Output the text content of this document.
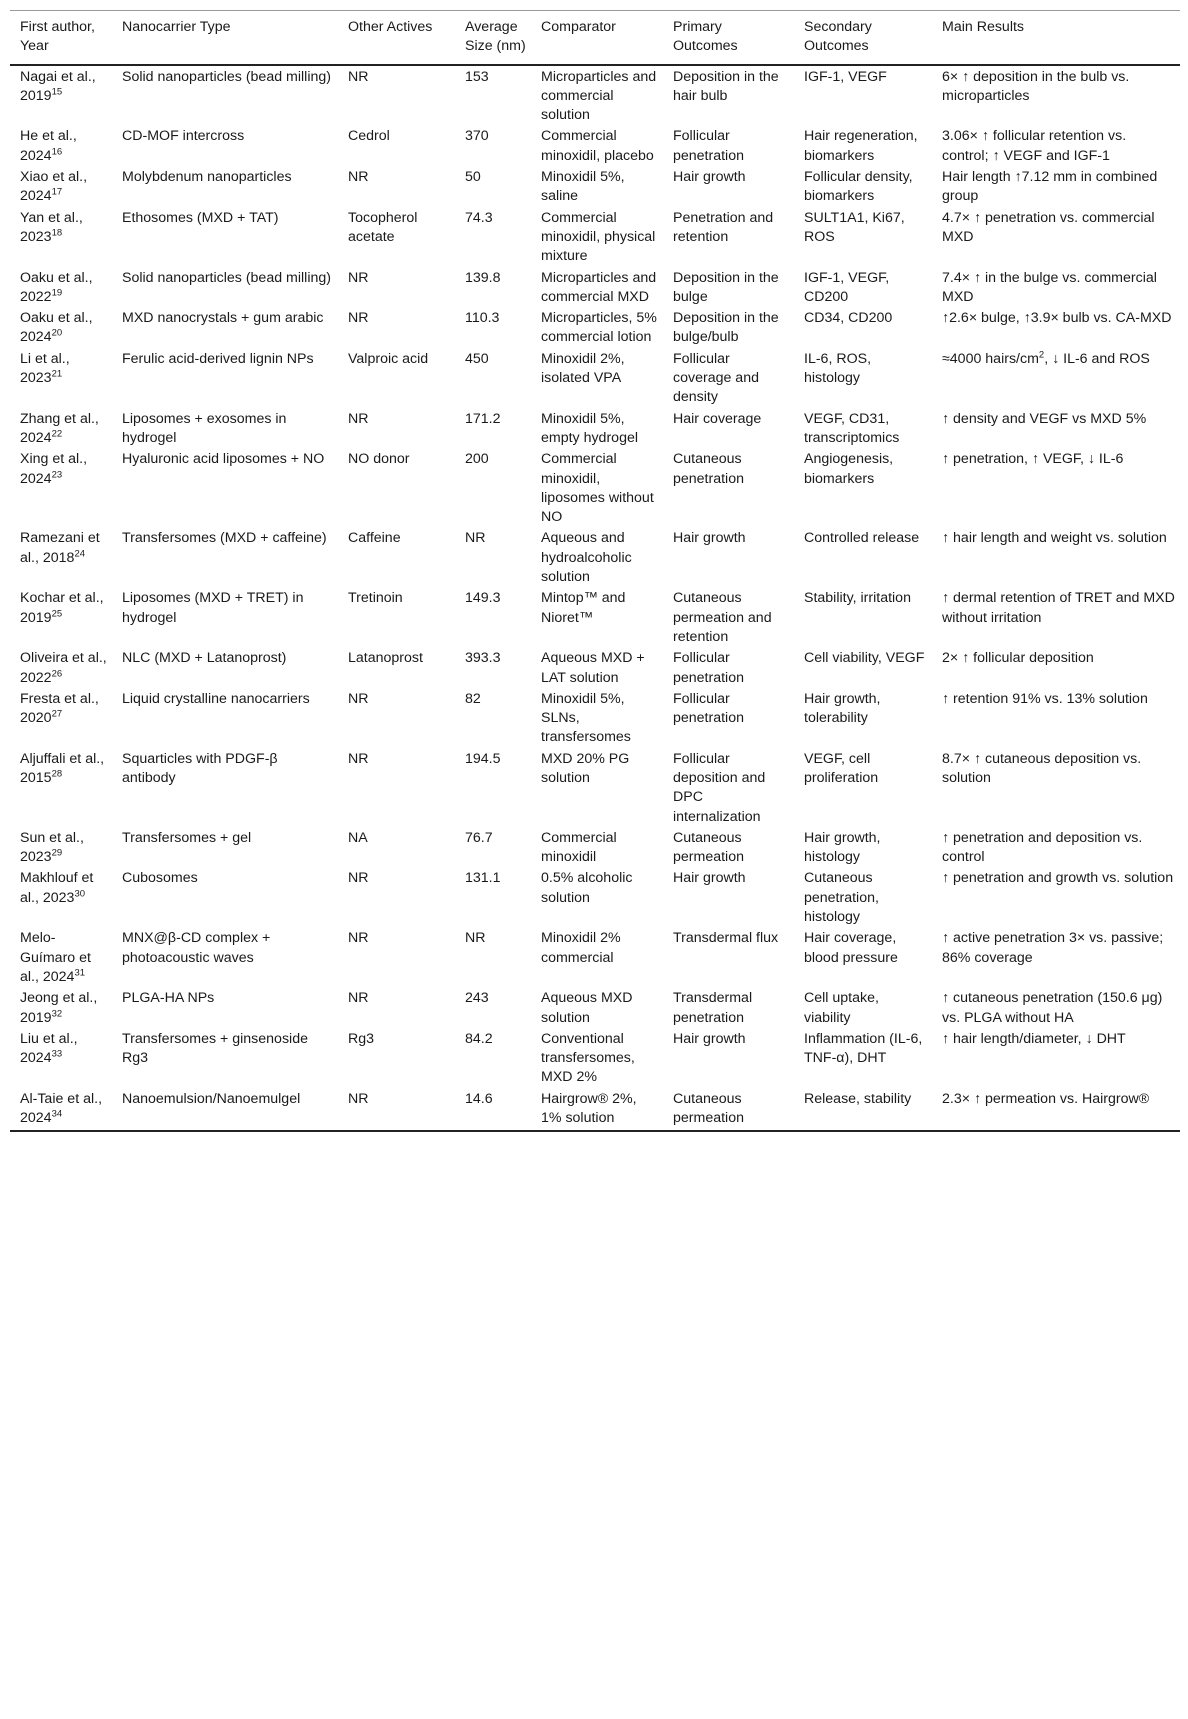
First author, Year	Nanocarrier Type	Other Actives	Average Size (nm)	Comparator	Primary Outcomes	Secondary Outcomes	Main Results
Nagai et al., 2019$^{15}$	Solid nanoparticles (bead milling)	NR	153	Microparticles and commercial solution	Deposition in the hair bulb	IGF-1, VEGF	6× ↑ deposition in the bulb vs. microparticles
He et al., 2024$^{16}$	CD-MOF intercross	Cedrol	370	Commercial minoxidil, placebo	Follicular penetration	Hair regeneration, biomarkers	3.06× ↑ follicular retention vs. control; ↑ VEGF and IGF-1
Xiao et al., 2024$^{17}$	Molybdenum nanoparticles	NR	50	Minoxidil 5%, saline	Hair growth	Follicular density, biomarkers	Hair length ↑7.12 mm in combined group
Yan et al., 2023$^{18}$	Ethosomes (MXD + TAT)	Tocopherol acetate	74.3	Commercial minoxidil, physical mixture	Penetration and retention	SULT1A1, Ki67, ROS	4.7× ↑ penetration vs. commercial MXD
Oaku et al., 2022$^{19}$	Solid nanoparticles (bead milling)	NR	139.8	Microparticles and commercial MXD	Deposition in the bulge	IGF-1, VEGF, CD200	7.4× ↑ in the bulge vs. commercial MXD
Oaku et al., 2024$^{20}$	MXD nanocrystals + gum arabic	NR	110.3	Microparticles, 5% commercial lotion	Deposition in the bulge/bulb	CD34, CD200	↑2.6× bulge, ↑3.9× bulb vs. CA-MXD
Li et al., 2023$^{21}$	Ferulic acid-derived lignin NPs	Valproic acid	450	Minoxidil 2%, isolated VPA	Follicular coverage and density	IL-6, ROS, histology	≈4000 hairs/$cm^2$, ↓ IL-6 and ROS
Zhang et al., 2024$^{22}$	Liposomes + exosomes in hydrogel	NR	171.2	Minoxidil 5%, empty hydrogel	Hair coverage	VEGF, CD31, transcriptomics	↑ density and VEGF vs MXD 5%
Xing et al., 2024$^{23}$	Hyaluronic acid liposomes + NO	NO donor	200	Commercial minoxidil, liposomes without NO	Cutaneous penetration	Angiogenesis, biomarkers	↑ penetration, ↑ VEGF, ↓ IL-6
Ramezani et al., 2018$^{24}$	Transfersomes (MXD + caffeine)	Caffeine	NR	Aqueous and hydroalcoholic solution	Hair growth	Controlled release	↑ hair length and weight vs. solution
Kochar et al., 2019$^{25}$	Liposomes (MXD + TRET) in hydrogel	Tretinoin	149.3	Mintop™ and Nioret™	Cutaneous permeation and retention	Stability, irritation	↑ dermal retention of TRET and MXD without irritation
Oliveira et al., 2022$^{26}$	NLC (MXD + Latanoprost)	Latanoprost	393.3	Aqueous MXD + LAT solution	Follicular penetration	Cell viability, VEGF	2× ↑ follicular deposition
Fresta et al., 2020$^{27}$	Liquid crystalline nanocarriers	NR	82	Minoxidil 5%, SLNs, transfersomes	Follicular penetration	Hair growth, tolerability	↑ retention 91% vs. 13% solution
Aljuffali et al., 2015$^{28}$	Squarticles with PDGF-β antibody	NR	194.5	MXD 20% PG solution	Follicular deposition and DPC internalization	VEGF, cell proliferation	8.7× ↑ cutaneous deposition vs. solution
Sun et al., 2023$^{29}$	Transfersomes + gel	NA	76.7	Commercial minoxidil	Cutaneous permeation	Hair growth, histology	↑ penetration and deposition vs. control
Makhlouf et al., 2023$^{30}$	Cubosomes	NR	131.1	0.5% alcoholic solution	Hair growth	Cutaneous penetration, histology	↑ penetration and growth vs. solution
Melo-Guímaro et al., 2024$^{31}$	MNX@β-CD complex + photoacoustic waves	NR	NR	Minoxidil 2% commercial	Transdermal flux	Hair coverage, blood pressure	↑ active penetration 3× vs. passive; 86% coverage
Jeong et al., 2019$^{32}$	PLGA-HA NPs	NR	243	Aqueous MXD solution	Transdermal penetration	Cell uptake, viability	↑ cutaneous penetration (150.6 μg) vs. PLGA without HA
Liu et al., 2024$^{33}$	Transfersomes + ginsenoside Rg3	Rg3	84.2	Conventional transfersomes, MXD 2%	Hair growth	Inflammation (IL-6, TNF-α), DHT	↑ hair length/diameter, ↓ DHT
Al-Taie et al., 2024$^{34}$	Nanoemulsion/Nanoemulgel	NR	14.6	Hairgrow® 2%, 1% solution	Cutaneous permeation	Release, stability	2.3× ↑ permeation vs. Hairgrow®
